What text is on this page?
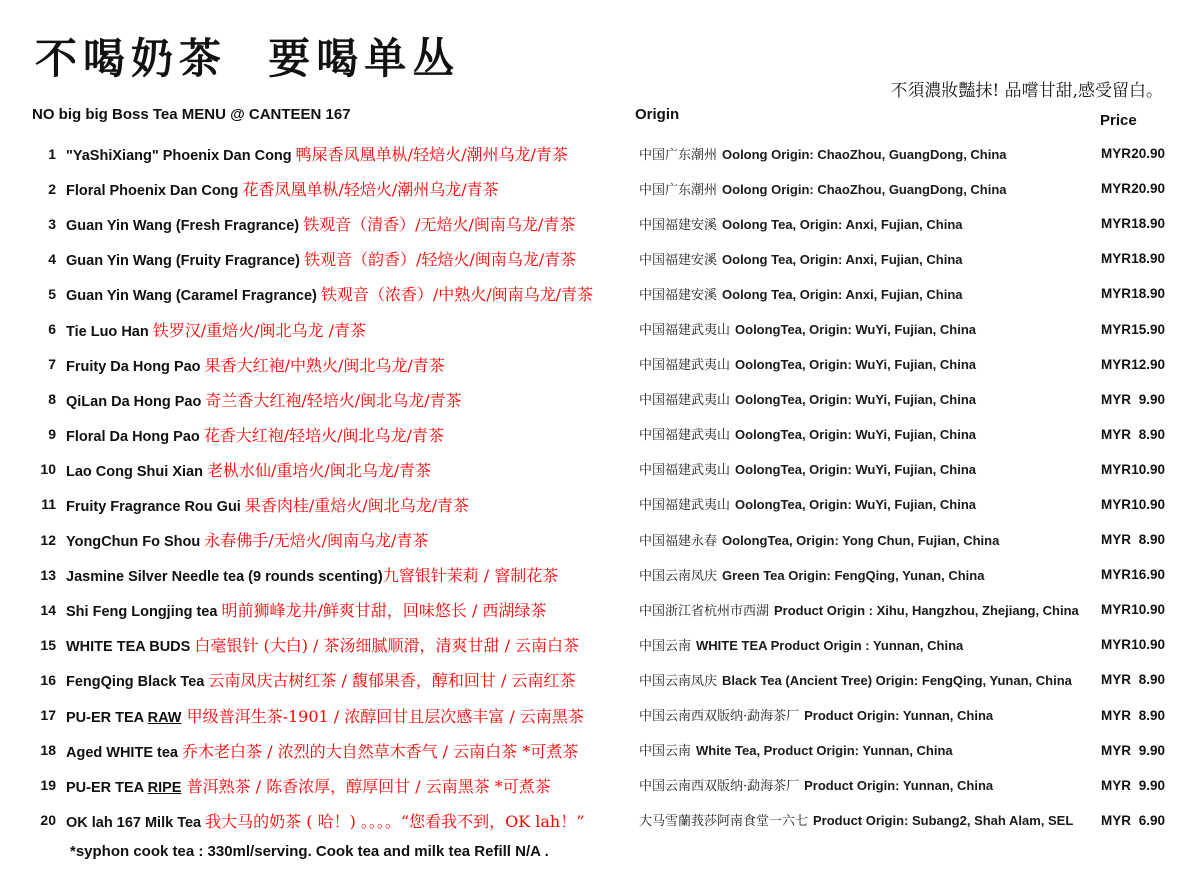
不喝奶茶  要喝单丛
不須濃妝豔抹! 品嚐甘甜,感受留白。
NO big big Boss Tea MENU @ CANTEEN 167	Origin	Price
1 "YaShiXiang" Phoenix Dan Cong 鸭屎香凤凰单枞/轻焙火/潮州乌龙/青茶	中国广东潮州 Oolong Origin: ChaoZhou, GuangDong, China	MYR 20.90
2 Floral Phoenix Dan Cong 花香凤凰单枞/轻焙火/潮州乌龙/青茶	中国广东潮州 Oolong Origin: ChaoZhou, GuangDong, China	MYR 20.90
3 Guan Yin Wang (Fresh Fragrance) 铁观音（清香）/无焙火/闽南乌龙/青茶	中国福建安溪 Oolong Tea, Origin: Anxi, Fujian, China	MYR 18.90
4 Guan Yin Wang (Fruity Fragrance) 铁观音（韵香）/轻焙火/闽南乌龙/青茶	中国福建安溪 Oolong Tea, Origin: Anxi, Fujian, China	MYR 18.90
5 Guan Yin Wang (Caramel Fragrance) 铁观音（浓香）/中熟火/闽南乌龙/青茶	中国福建安溪 Oolong Tea, Origin: Anxi, Fujian, China	MYR 18.90
6 Tie Luo Han 铁罗汉/重焙火/闽北乌龙 /青茶	中国福建武夷山 OolongTea, Origin: WuYi, Fujian, China	MYR 15.90
7 Fruity Da Hong Pao 果香大红袍/中熟火/闽北乌龙/青茶	中国福建武夷山 OolongTea, Origin: WuYi, Fujian, China	MYR 12.90
8 QiLan Da Hong Pao 奇兰香大红袍/轻培火/闽北乌龙/青茶	中国福建武夷山 OolongTea, Origin: WuYi, Fujian, China	MYR 9.90
9 Floral Da Hong Pao 花香大红袍/轻培火/闽北乌龙/青茶	中国福建武夷山 OolongTea, Origin: WuYi, Fujian, China	MYR 8.90
10 Lao Cong Shui Xian 老枞水仙/重培火/闽北乌龙/青茶	中国福建武夷山 OolongTea, Origin: WuYi, Fujian, China	MYR 10.90
11 Fruity Fragrance Rou Gui 果香肉桂/重焙火/闽北乌龙/青茶	中国福建武夷山 OolongTea, Origin: WuYi, Fujian, China	MYR 10.90
12 YongChun Fo Shou 永春佛手/无焙火/闽南乌龙/青茶	中国福建永春 OolongTea, Origin: Yong Chun, Fujian, China	MYR 8.90
13 Jasmine Silver Needle tea (9 rounds scenting)九窨银针茉莉 / 窨制花茶	中国云南凤庆 Green Tea Origin: FengQing, Yunan, China	MYR 16.90
14 Shi Feng Longjing tea 明前狮峰龙井/鲜爽甘甜，回味悠长 / 西湖绿茶	中国浙江省杭州市西湖 Product Origin : Xihu, Hangzhou, Zhejiang, China	MYR 10.90
15 WHITE TEA BUDS 白毫银针 (大白) / 茶汤细腻顺滑，清爽甘甜 / 云南白茶	中国云南 WHITE TEA Product Origin : Yunnan, China	MYR 10.90
16 FengQing Black Tea 云南凤庆古树红茶 / 馥郁果香，醇和回甘 / 云南红茶	中国云南凤庆 Black Tea (Ancient Tree) Origin: FengQing, Yunan, China	MYR 8.90
17 PU-ER TEA RAW 甲级普洱生茶-1901 / 浓醇回甘且层次感丰富 / 云南黑茶	中国云南西双版纳·勐海茶厂 Product Origin: Yunnan, China	MYR 8.90
18 Aged WHITE tea 乔木老白茶 / 浓烈的大自然草木香气 / 云南白茶 *可煮茶	中国云南 White Tea, Product Origin: Yunnan, China	MYR 9.90
19 PU-ER TEA RIPE 普洱熟茶 / 陈香浓厚，醇厚回甘 / 云南黑茶 *可煮茶	中国云南西双版纳·勐海茶厂 Product Origin: Yunnan, China	MYR 9.90
20 OK lah 167 Milk Tea 我大马的奶茶 ( 哈！) 。。。。“您看我不到，OK lah！”	大马雪蘭莪莎阿南食堂一六七 Product Origin: Subang2, Shah Alam, SEL	MYR 6.90
*syphon cook tea : 330ml/serving. Cook tea and milk tea Refill N/A .
